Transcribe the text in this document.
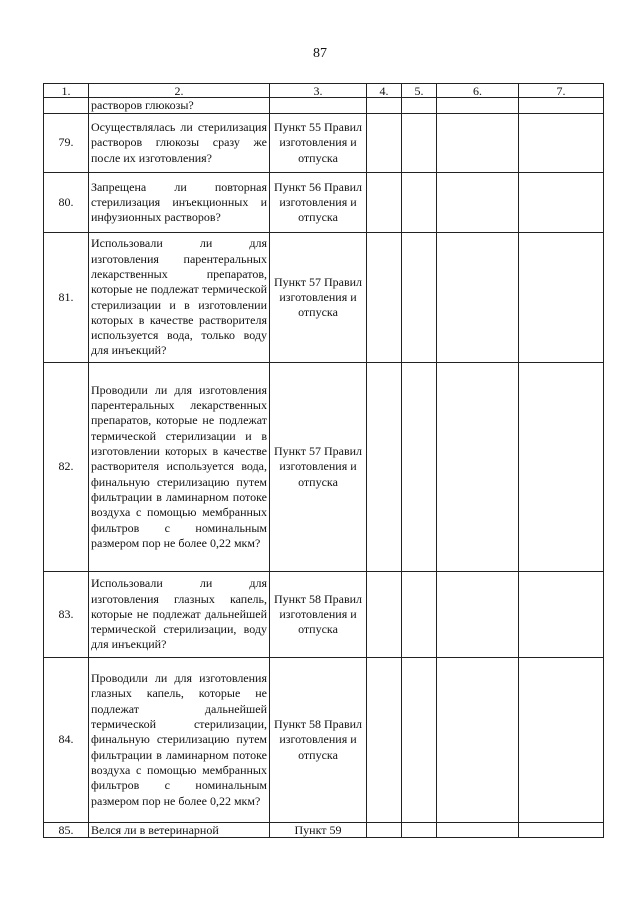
87
1.	2.	3.	4.	5.	6.	7.
	растворов глюкозы?					
79.	Осуществлялась ли стерилизация растворов глюкозы сразу же после их изготовления?	Пункт 55 Правил изготовления и отпуска				
80.	Запрещена ли повторная стерилизация инъекционных и инфузионных растворов?	Пункт 56 Правил изготовления и отпуска				
81.	Использовали ли для изготовления парентеральных лекарственных препаратов, которые не подлежат термической стерилизации и в изготовлении которых в качестве растворителя используется вода, только воду для инъекций?	Пункт 57 Правил изготовления и отпуска				
82.	Проводили ли для изготовления парентеральных лекарственных препаратов, которые не подлежат термической стерилизации и в изготовлении которых в качестве растворителя используется вода, финальную стерилизацию путем фильтрации в ламинарном потоке воздуха с помощью мембранных фильтров с номинальным размером пор не более 0,22 мкм?	Пункт 57 Правил изготовления и отпуска				
83.	Использовали ли для изготовления глазных капель, которые не подлежат дальнейшей термической стерилизации, воду для инъекций?	Пункт 58 Правил изготовления и отпуска				
84.	Проводили ли для изготовления глазных капель, которые не подлежат дальнейшей термической стерилизации, финальную стерилизацию путем фильтрации в ламинарном потоке воздуха с помощью мембранных фильтров с номинальным размером пор не более 0,22 мкм?	Пункт 58 Правил изготовления и отпуска				
85.	Велся ли в ветеринарной	Пункт 59				
